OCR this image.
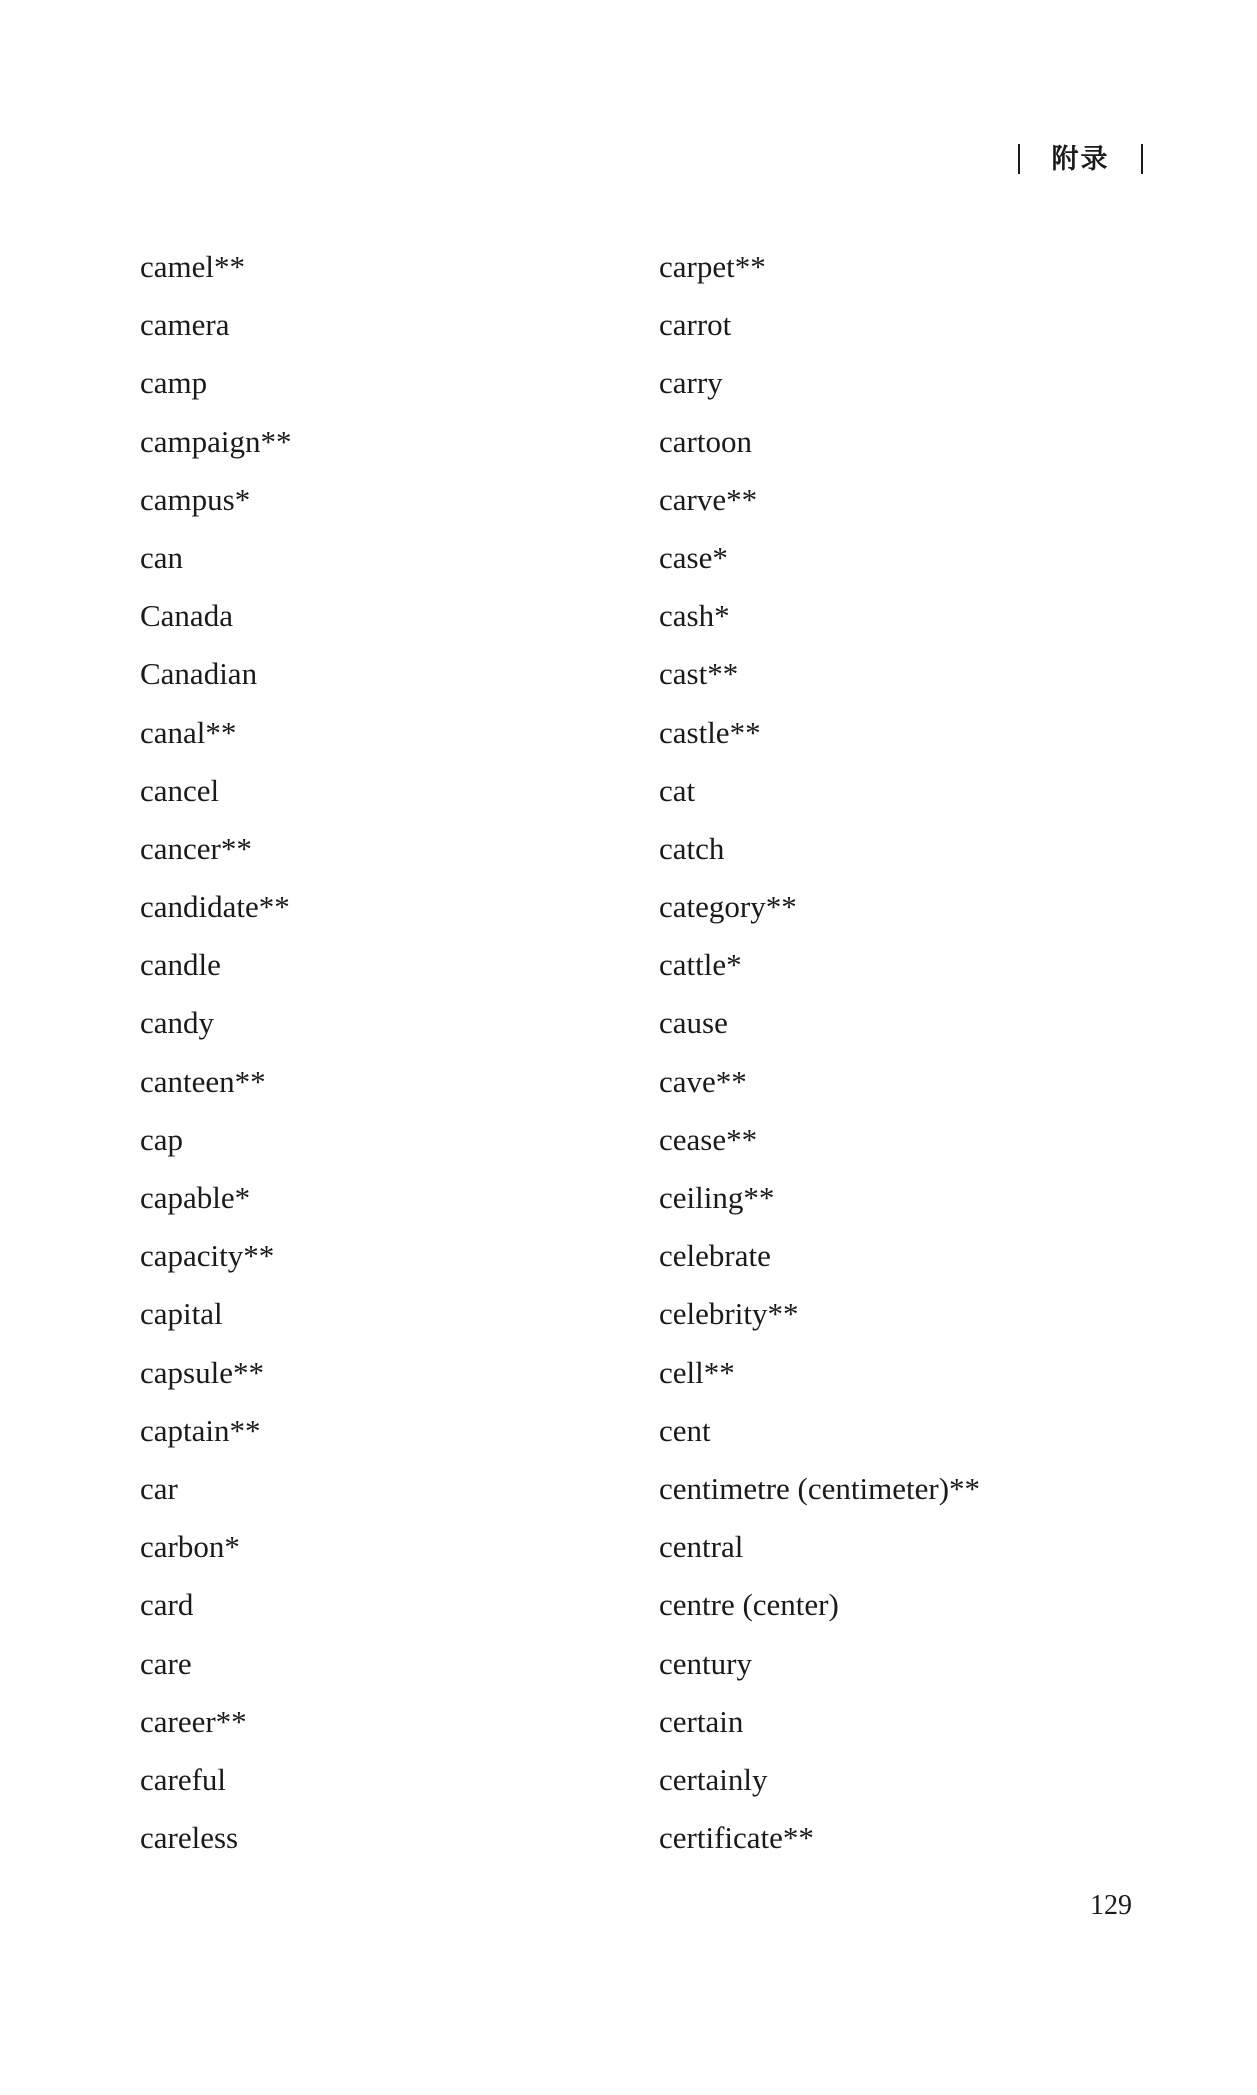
附录
camel**
camera
camp
campaign**
campus*
can
Canada
Canadian
canal**
cancel
cancer**
candidate**
candle
candy
canteen**
cap
capable*
capacity**
capital
capsule**
captain**
car
carbon*
card
care
career**
careful
careless
carpet**
carrot
carry
cartoon
carve**
case*
cash*
cast**
castle**
cat
catch
category**
cattle*
cause
cave**
cease**
ceiling**
celebrate
celebrity**
cell**
cent
centimetre (centimeter)**
central
centre (center)
century
certain
certainly
certificate**
129
